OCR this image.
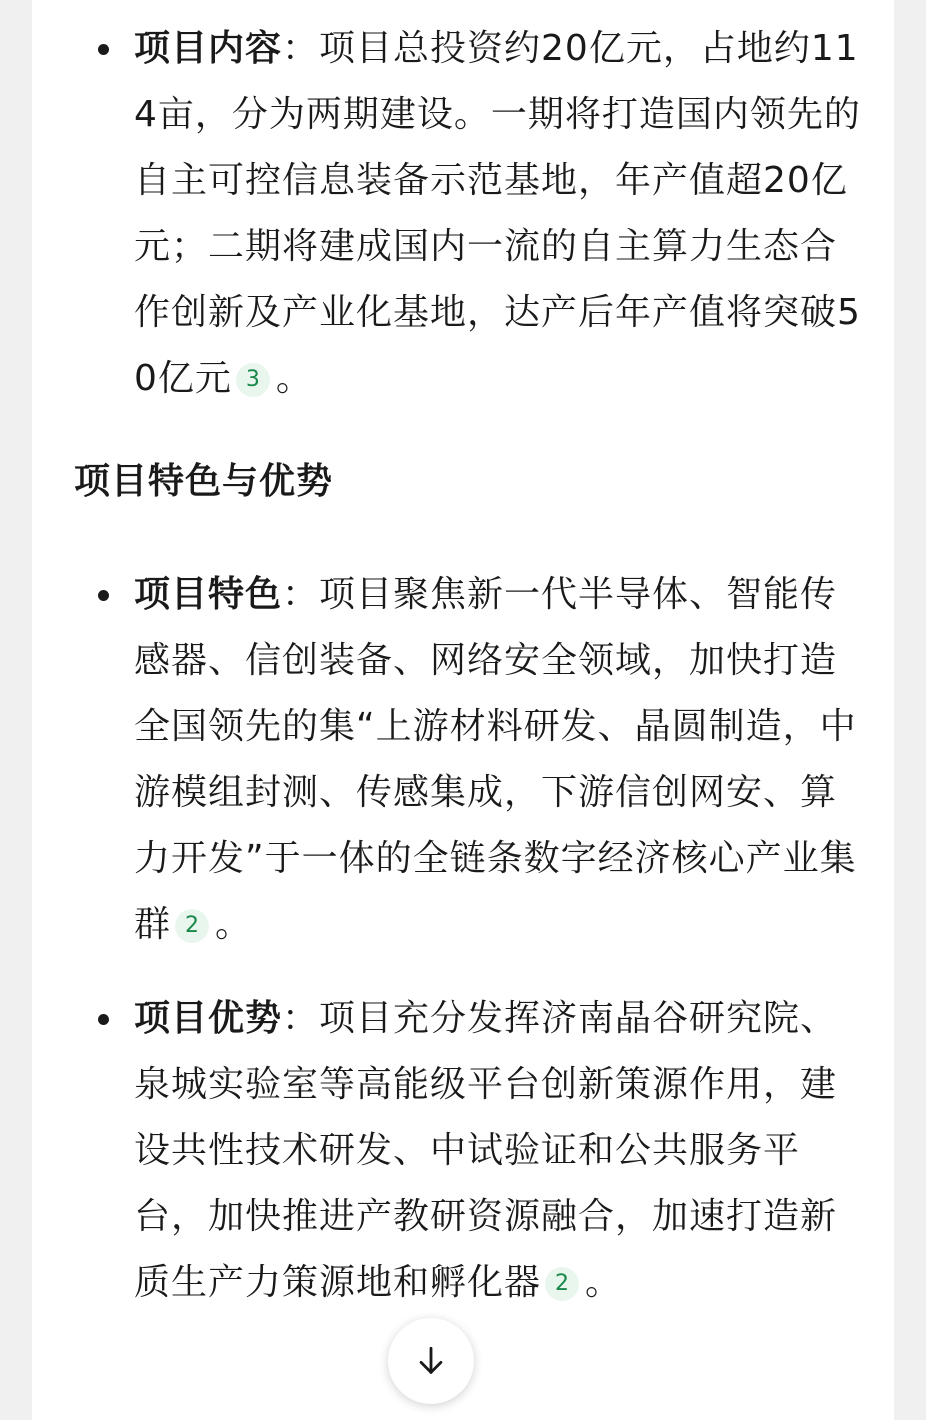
项目内容：项目总投资约20亿元，占地约114亩，分为两期建设。一期将打造国内领先的自主可控信息装备示范基地，年产值超20亿元；二期将建成国内一流的自主算力生态合作创新及产业化基地，达产后年产值将突破50亿元 3 。
项目特色与优势
项目特色：项目聚焦新一代半导体、智能传感器、信创装备、网络安全领域，加快打造全国领先的集“上游材料研发、晶圆制造，中游模组封测、传感集成，下游信创网安、算力开发”于一体的全链条数字经济核心产业集群 2 。
项目优势：项目充分发挥济南晶谷研究院、泉城实验室等高能级平台创新策源作用，建设共性技术研发、中试验证和公共服务平台，加快推进产教研资源融合，加速打造新质生产力策源地和孵化器 2 。
